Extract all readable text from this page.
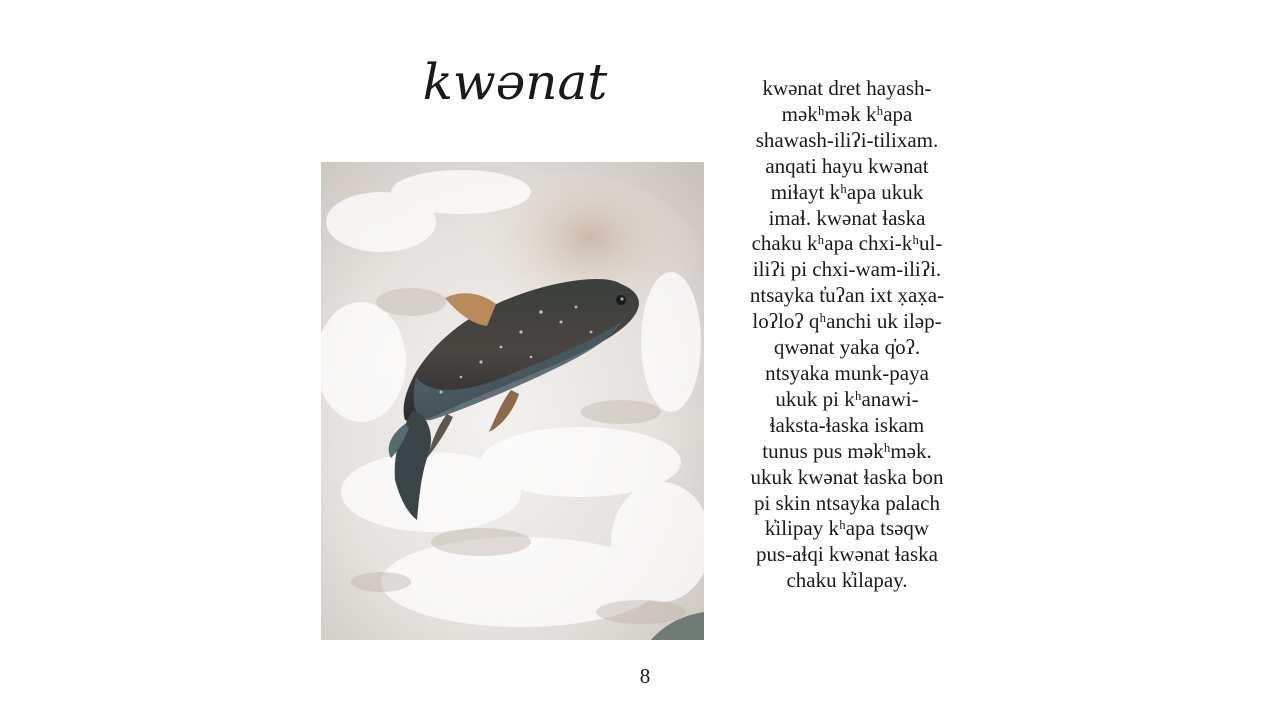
kwənat	kwənat dret hayash-
məkʰmək kʰapa
shawash-iliʔi-tilixam.
anqati hayu kwənat
miɬayt kʰapa ukuk
imaɬ. kwənat ɬaska
chaku kʰapa chxi-kʰul-
iliʔi pi chxi-wam-iliʔi.
ntsayka t̓uʔan ixt x̣ax̣a-
loʔloʔ qʰanchi uk iləp-
qwənat yaka q̓oʔ.
ntsyaka munk-paya
ukuk pi kʰanawi-
ɬaksta-ɬaska iskam
tunus pus məkʰmək.
ukuk kwənat ɬaska bon
pi skin ntsayka palach
k̓ilipay kʰapa tsəqw
pus-aɬqi kwənat ɬaska
chaku k̓ilapay.
8
